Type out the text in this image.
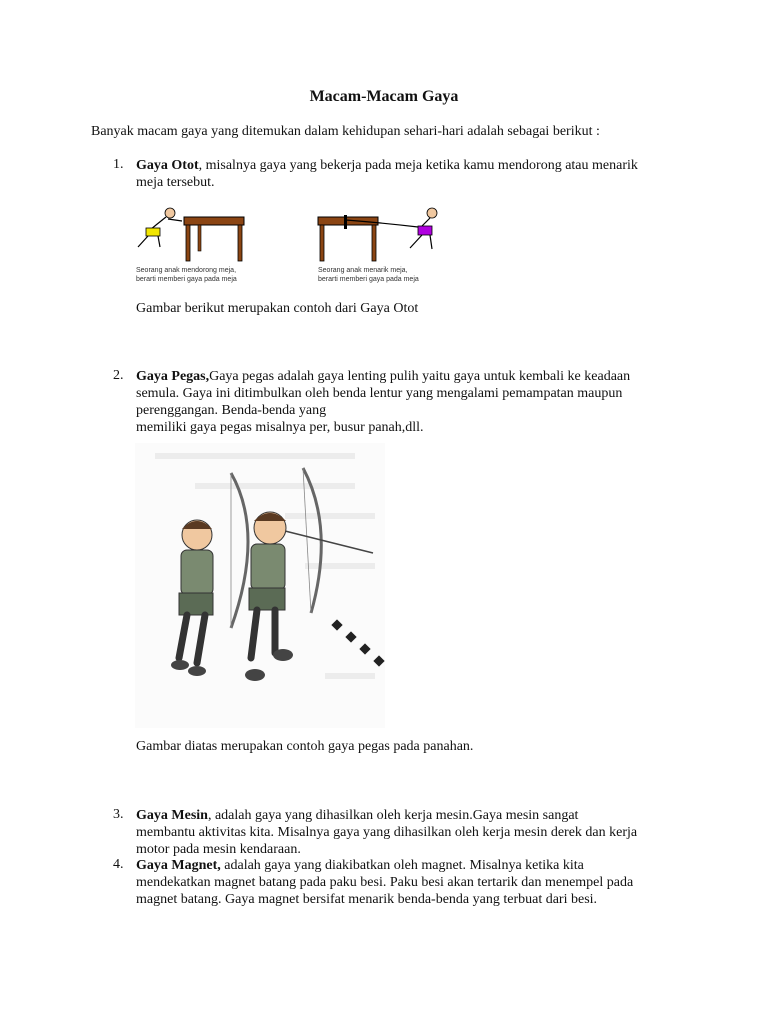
Macam-Macam Gaya
Banyak macam gaya yang ditemukan dalam kehidupan sehari-hari adalah sebagai berikut :
1. Gaya Otot, misalnya gaya yang bekerja pada meja ketika kamu mendorong atau menarik
meja tersebut.
Seorang anak mendorong meja,
berarti memberi gaya pada meja
Seorang anak menarik meja,
berarti memberi gaya pada meja
Gambar berikut merupakan contoh dari Gaya Otot
2. Gaya Pegas,Gaya pegas adalah gaya lenting pulih yaitu gaya untuk kembali ke keadaan
semula. Gaya ini ditimbulkan oleh benda lentur yang mengalami pemampatan maupun
perenggangan. Benda-benda yang
memiliki gaya pegas misalnya per, busur panah,dll.
Gambar diatas merupakan contoh gaya pegas pada panahan.
3. Gaya Mesin, adalah gaya yang dihasilkan oleh kerja mesin.Gaya mesin sangat
membantu aktivitas kita. Misalnya gaya yang dihasilkan oleh kerja mesin derek dan kerja
motor pada mesin kendaraan.
4. Gaya Magnet, adalah gaya yang diakibatkan oleh magnet. Misalnya ketika kita
mendekatkan magnet batang pada paku besi. Paku besi akan tertarik dan menempel pada
magnet batang. Gaya magnet bersifat menarik benda-benda yang terbuat dari besi.
